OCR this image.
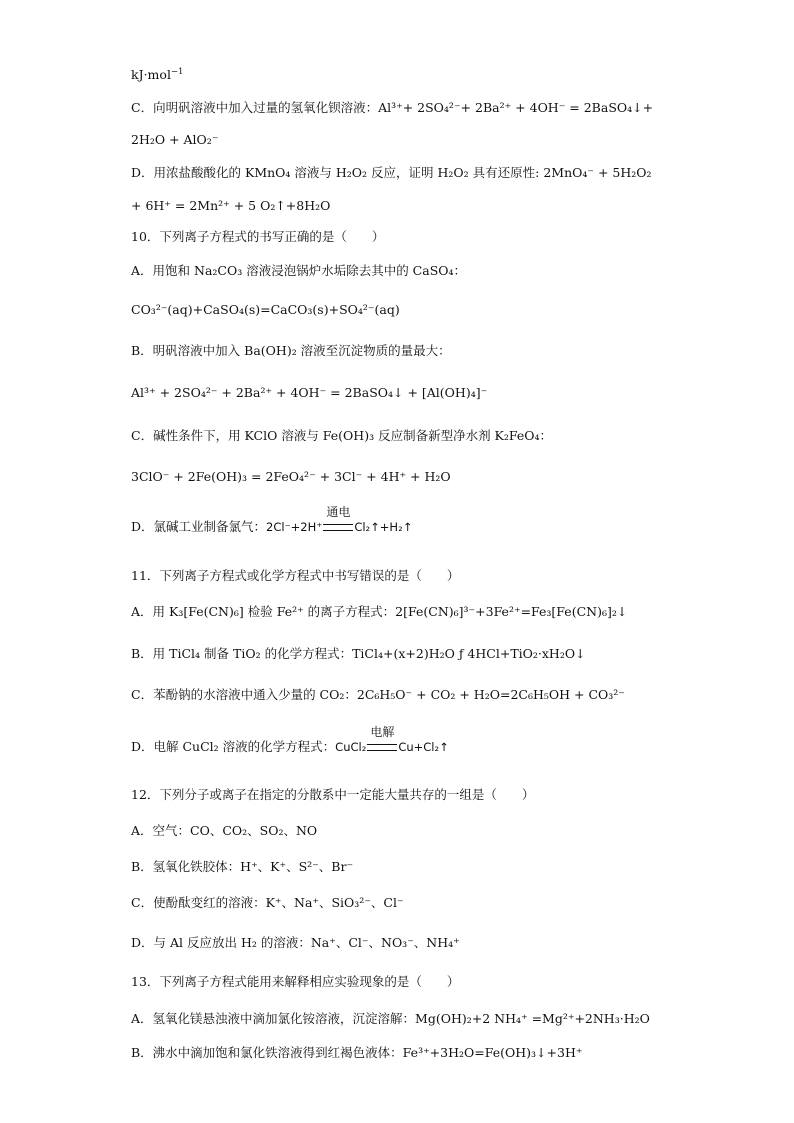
kJ·mol$^{-1}$
C．向明矾溶液中加入过量的氢氧化钡溶液：Al³⁺+ 2SO₄²⁻+ 2Ba²⁺ + 4OH⁻ = 2BaSO₄↓+
2H₂O + AlO₂⁻
D．用浓盐酸酸化的 KMnO₄ 溶液与 H₂O₂ 反应，证明 H₂O₂ 具有还原性: 2MnO₄⁻ + 5H₂O₂
+ 6H⁺ = 2Mn²⁺ + 5 O₂↑+8H₂O
10．下列离子方程式的书写正确的是（　　）
A．用饱和 Na₂CO₃ 溶液浸泡锅炉水垢除去其中的 CaSO₄：
CO₃²⁻(aq)+CaSO₄(s)=CaCO₃(s)+SO₄²⁻(aq)
B．明矾溶液中加入 Ba(OH)₂ 溶液至沉淀物质的量最大：
Al³⁺ + 2SO₄²⁻ + 2Ba²⁺ + 4OH⁻ = 2BaSO₄↓ + [Al(OH)₄]⁻
C．碱性条件下，用 KClO 溶液与 Fe(OH)₃ 反应制备新型净水剂 K₂FeO₄：
3ClO⁻ + 2Fe(OH)₃ = 2FeO₄²⁻ + 3Cl⁻ + 4H⁺ + H₂O
D．氯碱工业制备氯气：2Cl⁻+2H⁺
通电
Cl₂↑+H₂↑
11．下列离子方程式或化学方程式中书写错误的是（　　）
A．用 K₃[Fe(CN)₆] 检验 Fe²⁺ 的离子方程式：2[Fe(CN)₆]³⁻+3Fe²⁺=Fe₃[Fe(CN)₆]₂↓
B．用 TiCl₄ 制备 TiO₂ 的化学方程式：TiCl₄+(x+2)H₂O ƒ 4HCl+TiO₂·xH₂O↓
C．苯酚钠的水溶液中通入少量的 CO₂：2C₆H₅O⁻ + CO₂ + H₂O=2C₆H₅OH + CO₃²⁻
D．电解 CuCl₂ 溶液的化学方程式：CuCl₂
电解
Cu+Cl₂↑
12．下列分子或离子在指定的分散系中一定能大量共存的一组是（　　）
A．空气：CO、CO₂、SO₂、NO
B．氢氧化铁胶体：H⁺、K⁺、S²⁻、Br⁻
C．使酚酞变红的溶液：K⁺、Na⁺、SiO₃²⁻、Cl⁻
D．与 Al 反应放出 H₂ 的溶液：Na⁺、Cl⁻、NO₃⁻、NH₄⁺
13．下列离子方程式能用来解释相应实验现象的是（　　）
A．氢氧化镁悬浊液中滴加氯化铵溶液，沉淀溶解：Mg(OH)₂+2 NH₄⁺ =Mg²⁺+2NH₃·H₂O
B．沸水中滴加饱和氯化铁溶液得到红褐色液体：Fe³⁺+3H₂O=Fe(OH)₃↓+3H⁺
